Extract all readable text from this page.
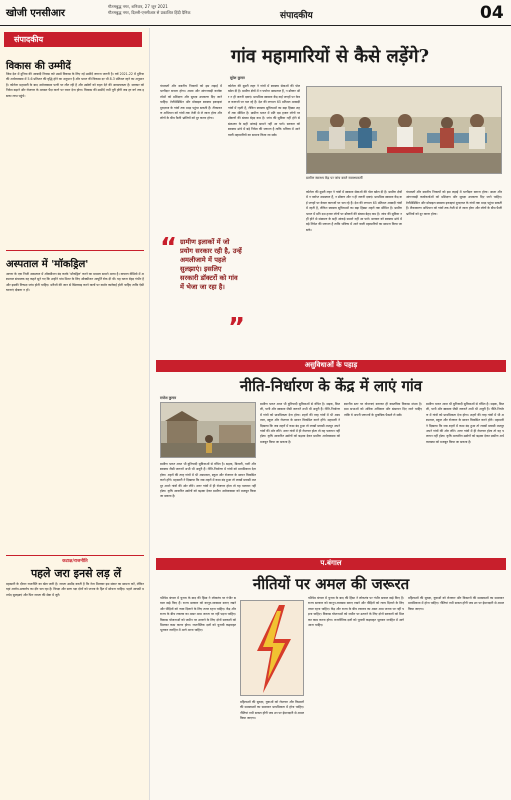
खोजी एनसीआर
गौतमबुद्ध नगर, शनिवार, 27 जून 2021
गौतमबुद्ध नगर, दिल्ली-एनसीआर से प्रकाशित हिंदी दैनिक	संपादकीय	04
संपादकीय
विकास की उम्मीदें
जिस देश में दुनिया की आबादी निवास करे उसमें विकास के लिए नई उम्मीदें जगाना जरूरी है। वर्ष 2021-22 में दुनिया की अर्थव्यवस्था में 5.6 प्रतिशत की वृद्धि होने का अनुमान है और भारत की विकास दर भी 8.3 प्रतिशत रहने का अनुमान है। कोरोना महामारी के बाद अर्थव्यवस्था पटरी पर लौट रही है और उद्योगों को राहत देने की आवश्यकता है। सरकार को निवेश बढ़ाने और रोजगार के अवसर पैदा करने पर ध्यान देना होगा। विकास की उम्मीदें तभी पूरी होंगी जब हर वर्ग तक इसका लाभ पहुंचे।
अस्पताल में 'मॉकड्रिल'
आगरा के एक निजी अस्पताल में ऑक्सीजन बंद करके 'मॉकड्रिल' करने का मामला सामने आया है। वायरल वीडियो में अस्पताल संचालक यह कहते सुने गए कि उन्होंने पांच मिनट के लिए ऑक्सीजन आपूर्ति रोक दी थी। यह घटना बेहद गंभीर है और इसकी निष्पक्ष जांच होनी चाहिए। मरीजों की जान से खिलवाड़ करने वालों पर कठोर कार्रवाई होनी चाहिए ताकि ऐसी घटनाएं दोबारा न हों।
कटाक्ष/राजनीति
पहले जरा इनसे लड़ लें
महामारी के दौरान राजनीति का खेल जारी है। जनता उम्मीद करती है कि नेता मिलकर इस संकट का सामना करें, लेकिन यहां आरोप-प्रत्यारोप का दौर चल रहा है। विपक्ष और सत्ता पक्ष दोनों को जनता के हित में सोचना चाहिए। पहले आपसी मतभेद सुलझाएं और फिर जनता की सेवा में जुटें।
गांव महामारियों से कैसे लड़ेंगे?
सुरेश कुमार
“ ग्रामीण इलाकों में जो प्रयोग सरकार रही है, उन्हें अमलीजामे में पहले सुलझाएं। इसलिए सरकारी डॉक्टरों को गांव में भेजा जा रहा है।
”
कोरोना की दूसरी लहर ने गांवों में स्वास्थ्य सेवाओं की पोल खोल दी है। ग्रामीण क्षेत्रों में न पर्याप्त अस्पताल हैं, न डॉक्टर और न ही जरूरी दवाएं। प्राथमिक स्वास्थ्य केंद्र कई जगहों पर केवल कागजों पर चल रहे हैं। देश की लगभग 65 प्रतिशत आबादी गांवों में रहती है, लेकिन स्वास्थ्य सुविधाओं का बड़ा हिस्सा शहरों तक सीमित है। ग्रामीण भारत में प्रति दस हजार लोगों पर डॉक्टरों की संख्या बेहद कम है। जांच की सुविधा नहीं होने से संक्रमण के सही आंकड़े सामने नहीं आ पाते। सरकार को स्वास्थ्य ढांचे में बड़े निवेश की जरूरत है ताकि भविष्य में आने वाली महामारियों का सामना किया जा सके।
पंचायतों और स्थानीय निकायों को इस लड़ाई में भागीदार बनाना होगा। आशा और आंगनवाड़ी कार्यकर्ताओं को प्रशिक्षण और सुरक्षा उपकरण दिए जाने चाहिए। टेलीमेडिसिन और मोबाइल स्वास्थ्य इकाइयां दूरदराज के गांवों तक मदद पहुंचा सकती हैं। टीकाकरण अभियान को गांवों तक तेजी से ले जाना होगा और लोगों के बीच फैली भ्रांतियों को दूर करना होगा।
ग्रामीण स्वास्थ्य केंद्र पर जांच करते स्वास्थ्यकर्मी
कोरोना की दूसरी लहर ने गांवों में स्वास्थ्य सेवाओं की पोल खोल दी है। ग्रामीण क्षेत्रों में न पर्याप्त अस्पताल हैं, न डॉक्टर और न ही जरूरी दवाएं। प्राथमिक स्वास्थ्य केंद्र कई जगहों पर केवल कागजों पर चल रहे हैं। देश की लगभग 65 प्रतिशत आबादी गांवों में रहती है, लेकिन स्वास्थ्य सुविधाओं का बड़ा हिस्सा शहरों तक सीमित है। ग्रामीण भारत में प्रति दस हजार लोगों पर डॉक्टरों की संख्या बेहद कम है। जांच की सुविधा नहीं होने से संक्रमण के सही आंकड़े सामने नहीं आ पाते। सरकार को स्वास्थ्य ढांचे में बड़े निवेश की जरूरत है ताकि भविष्य में आने वाली महामारियों का सामना किया जा सके।
पंचायतों और स्थानीय निकायों को इस लड़ाई में भागीदार बनाना होगा। आशा और आंगनवाड़ी कार्यकर्ताओं को प्रशिक्षण और सुरक्षा उपकरण दिए जाने चाहिए। टेलीमेडिसिन और मोबाइल स्वास्थ्य इकाइयां दूरदराज के गांवों तक मदद पहुंचा सकती हैं। टीकाकरण अभियान को गांवों तक तेजी से ले जाना होगा और लोगों के बीच फैली भ्रांतियों को दूर करना होगा।
असुविधाओं के पहाड़
नीति-निर्धारण के केंद्र में लाएं गांव
राजेश कुमार
ग्रामीण भारत आज भी बुनियादी सुविधाओं से वंचित है। सड़क, बिजली, पानी और स्वास्थ्य जैसी जरूरतें अभी भी अधूरी हैं। नीति-निर्धारण में गांवों को प्राथमिकता देना होगा। शहरों की तरह गांवों में भी अस्पताल, स्कूल और रोजगार के साधन विकसित करने होंगे। महामारी ने दिखाया कि जब शहरों में काम बंद हुआ तो लाखों प्रवासी मजदूर अपने गांवों की ओर लौटे। अगर गांवों में ही रोजगार होता तो यह पलायन नहीं होता। कृषि आधारित उद्योगों को बढ़ावा देकर ग्रामीण अर्थव्यवस्था को मजबूत किया जा सकता है।
ग्रामीण भारत आज भी बुनियादी सुविधाओं से वंचित है। सड़क, बिजली, पानी और स्वास्थ्य जैसी जरूरतें अभी भी अधूरी हैं। नीति-निर्धारण में गांवों को प्राथमिकता देना होगा। शहरों की तरह गांवों में भी अस्पताल, स्कूल और रोजगार के साधन विकसित करने होंगे। महामारी ने दिखाया कि जब शहरों में काम बंद हुआ तो लाखों प्रवासी मजदूर अपने गांवों की ओर लौटे। अगर गांवों में ही रोजगार होता तो यह पलायन नहीं होता। कृषि आधारित उद्योगों को बढ़ावा देकर ग्रामीण अर्थव्यवस्था को मजबूत किया जा सकता है।
स्थानीय स्तर पर योजनाएं बनाकर ही वास्तविक विकास संभव है। ग्राम सभाओं को अधिक अधिकार और संसाधन दिए जाने चाहिए ताकि वे अपनी जरूरतों के मुताबिक फैसले ले सकें।
ग्रामीण भारत आज भी बुनियादी सुविधाओं से वंचित है। सड़क, बिजली, पानी और स्वास्थ्य जैसी जरूरतें अभी भी अधूरी हैं। नीति-निर्धारण में गांवों को प्राथमिकता देना होगा। शहरों की तरह गांवों में भी अस्पताल, स्कूल और रोजगार के साधन विकसित करने होंगे। महामारी ने दिखाया कि जब शहरों में काम बंद हुआ तो लाखों प्रवासी मजदूर अपने गांवों की ओर लौटे। अगर गांवों में ही रोजगार होता तो यह पलायन नहीं होता। कृषि आधारित उद्योगों को बढ़ावा देकर ग्रामीण अर्थव्यवस्था को मजबूत किया जा सकता है।
प.बंगाल
नीतियों पर अमल की जरूरत
पश्चिम बंगाल में चुनाव के बाद की हिंसा ने लोकतंत्र पर गंभीर सवाल खड़े किए हैं। राज्य सरकार को कानून-व्यवस्था बनाए रखने और पीड़ितों को न्याय दिलाने के लिए तत्पर रहना चाहिए। केंद्र और राज्य के बीच टकराव का असर आम जनता पर नहीं पड़ना चाहिए। विकास योजनाओं को जमीन पर उतारने के लिए दोनों सरकारों को मिलकर काम करना होगा। राजनीतिक दलों को चुनावी कड़वाहट भूलकर जनहित में आगे आना चाहिए।
महिलाओं की सुरक्षा, युवाओं को रोजगार और किसानों की समस्याओं का समाधान प्राथमिकता में होना चाहिए। नीतियां तभी सफल होंगी जब उन पर ईमानदारी से अमल किया जाएगा।
पश्चिम बंगाल में चुनाव के बाद की हिंसा ने लोकतंत्र पर गंभीर सवाल खड़े किए हैं। राज्य सरकार को कानून-व्यवस्था बनाए रखने और पीड़ितों को न्याय दिलाने के लिए तत्पर रहना चाहिए। केंद्र और राज्य के बीच टकराव का असर आम जनता पर नहीं पड़ना चाहिए। विकास योजनाओं को जमीन पर उतारने के लिए दोनों सरकारों को मिलकर काम करना होगा। राजनीतिक दलों को चुनावी कड़वाहट भूलकर जनहित में आगे आना चाहिए।
महिलाओं की सुरक्षा, युवाओं को रोजगार और किसानों की समस्याओं का समाधान प्राथमिकता में होना चाहिए। नीतियां तभी सफल होंगी जब उन पर ईमानदारी से अमल किया जाएगा।
